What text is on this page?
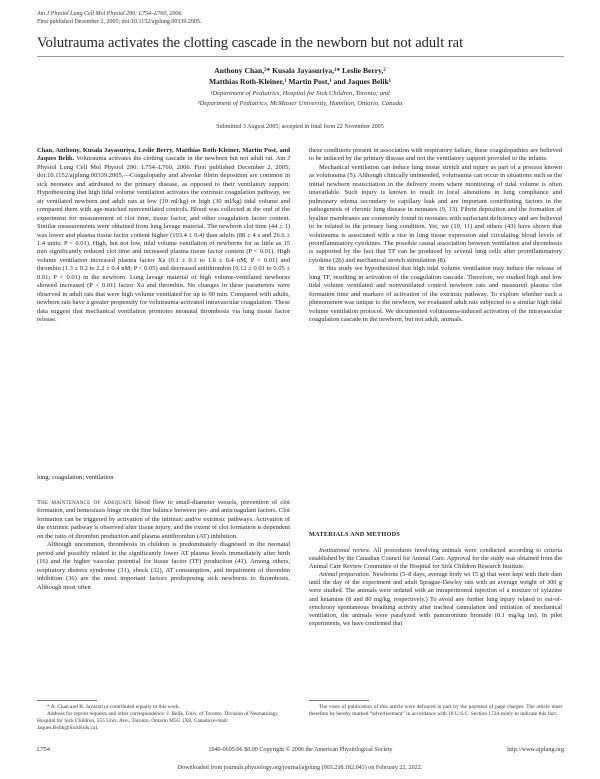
Am J Physiol Lung Cell Mol Physiol 290: L754–L760, 2006.
First published December 2, 2005; doi:10.1152/ajplung.00339.2005.
Volutrauma activates the clotting cascade in the newborn but not adult rat
Anthony Chan,²* Kusala Jayasuriya,¹* Leslie Berry,²
Matthias Roth-Kleiner,¹ Martin Post,¹ and Jaques Belik¹
¹Department of Pediatrics, Hospital for Sick Children, Toronto; and
²Department of Pediatrics, McMaster University, Hamilton, Ontario, Canada
Submitted 3 August 2005; accepted in final form 22 November 2005

Chan, Anthony, Kusala Jayasuriya, Leslie Berry, Matthias Roth-Kleiner, Martin Post, and Jaques Belik. Volutrauma activates the clotting cascade in the newborn but not adult rat. Am J Physiol Lung Cell Mol Physiol 290: L754–L760, 2006. First published December 2, 2005; doi:10.1152/ajplung.00339.2005.—Coagulopathy and alveolar fibrin deposition are common in sick neonates and attributed to the primary disease, as opposed to their ventilatory support. Hypothesizing that high tidal volume ventilation activates the extrinsic coagulation pathway, we air ventilated newborn and adult rats at low (10 ml/kg) or high (30 ml/kg) tidal volume and compared them with age-matched nonventilated controls. Blood was collected at the end of the experiment for measurement of clot time, tissue factor, and other coagulation factor content. Similar measurements were obtained from lung lavage material. The newborn clot time (44 ± 1) was lower and plasma tissue factor content higher (103.4 ± 0.4) than adults (88 ± 4 s and 26.6 ± 1.4 units; P < 0.01). High, but not low, tidal volume ventilation of newborns for as little as 15 min significantly reduced clot time and increased plasma tissue factor content (P < 0.01). High volume ventilation increased plasma factor Xa (0.1 ± 0.1 to 1.6 ± 0.4 nM; P < 0.01) and thrombin (1.3 ± 0.2 to 2.2 ± 0.4 nM; P < 0.05) and decreased antithrombin (0.12 ± 0.01 to 0.05 ± 0.01; P < 0.01) in the newborn. Lung lavage material of high volume-ventilated newborns showed increased (P < 0.01) factor Xa and thrombin. No changes in these parameters were observed in adult rats that were high volume ventilated for up to 90 min. Compared with adults, newborn rats have a greater propensity for volutrauma-activated intravascular coagulation. These data suggest that mechanical ventilation promotes neonatal thrombosis via lung tissue factor release.

lung; coagulation; ventilation

The maintenance of adequate blood flow to small-diameter vessels, prevention of clot formation, and hemostasis hinge on the fine balance between pro- and anticoagulant factors. Clot formation can be triggered by activation of the intrinsic and/or extrinsic pathways. Activation of the extrinsic pathway is observed after tissue injury, and the extent of clot formation is dependent on the ratio of thrombin production and plasma antithrombin (AT) inhibition.

Although uncommon, thrombosis in children is predominately diagnosed in the neonatal period and possibly related to the significantly lower AT plasma levels immediately after birth (16) and the higher vascular potential for tissue factor (TF) production (41). Among others, respiratory distress syndrome (31), shock (32), AT consumption, and impairment of thrombin inhibition (36) are the most important factors predisposing sick newborns to thrombosis. Although most often

these conditions present in association with respiratory failure, these coagulopathies are believed to be induced by the primary disease and not the ventilatory support provided to the infants.

Mechanical ventilation can induce lung tissue stretch and injury as part of a process known as volutrauma (5). Although clinically unintended, volutrauma can occur in situations such as the initial newborn resuscitation in the delivery room where monitoring of tidal volume is often unavailable. Such injury is known to result in local alterations in lung compliance and pulmonary edema secondary to capillary leak and are important contributing factors in the pathogenesis of chronic lung disease in neonates (9, 13). Fibrin deposition and the formation of hyaline membranes are commonly found in neonates with surfactant deficiency and are believed to be related to the primary lung condition. Yet, we (10, 11) and others (43) have shown that volutrauma is associated with a rise in lung tissue expression and circulating blood levels of proinflammatory cytokines. The possible causal association between ventilation and thrombosis is supported by the fact that TF can be produced by several lung cells after proinflammatory cytokine (26) and mechanical stretch stimulation (8).

In this study we hypothesized that high tidal volume ventilation may induce the release of lung TF, resulting in activation of the coagulation cascade. Therefore, we studied high and low tidal volume ventilated and nonventilated control newborn rats and measured plasma clot formation time and markers of activation of the extrinsic pathway. To explore whether such a phenomenon was unique to the newborn, we evaluated adult rats subjected to a similar high tidal volume ventilation protocol. We documented volutrauma-induced activation of the intravascular coagulation cascade in the newborn, but not adult, animals.

MATERIALS AND METHODS

Institutional review. All procedures involving animals were conducted according to criteria established by the Canadian Council for Animal Care. Approval for the study was obtained from the Animal Care Review Committee of the Hospital for Sick Children Research Institute.

Animal preparation. Newborns (5–8 days, average body wt 15 g) that were kept with their dam until the day of the experiment and adult Sprague-Dawley rats with an average weight of 300 g were studied. The animals were sedated with an intraperitoneal injection of a mixture of xylazine and ketamine (8 and 80 mg/kg, respectively.) To avoid any further lung injury related to out-of-synchrony spontaneous breathing activity after tracheal cannulation and initiation of mechanical ventilation, the animals were paralyzed with pancuronium bromide (0.1 mg/kg im). In pilot experiments, we have confirmed that

* A. Chan and K. Jayasuriya contributed equally to this work.

Address for reprint requests and other correspondence: J. Belik, Univ. of Toronto, Division of Neonatology, Hospital for Sick Children, 555 Univ. Ave., Toronto, Ontario M5G 1X8, Canada (e-mail: Jaques.Belik@SickKids.ca).

The costs of publication of this article were defrayed in part by the payment of page charges. The article must therefore be hereby marked “advertisement” in accordance with 18 U.S.C. Section 1734 solely to indicate this fact.

L754	1040-0605/06 $8.00 Copyright © 2006 the American Physiological Society	http://www.ajplung.org
Downloaded from journals.physiology.org/journal/ajplung (003.238.182.043) on February 22, 2022.
